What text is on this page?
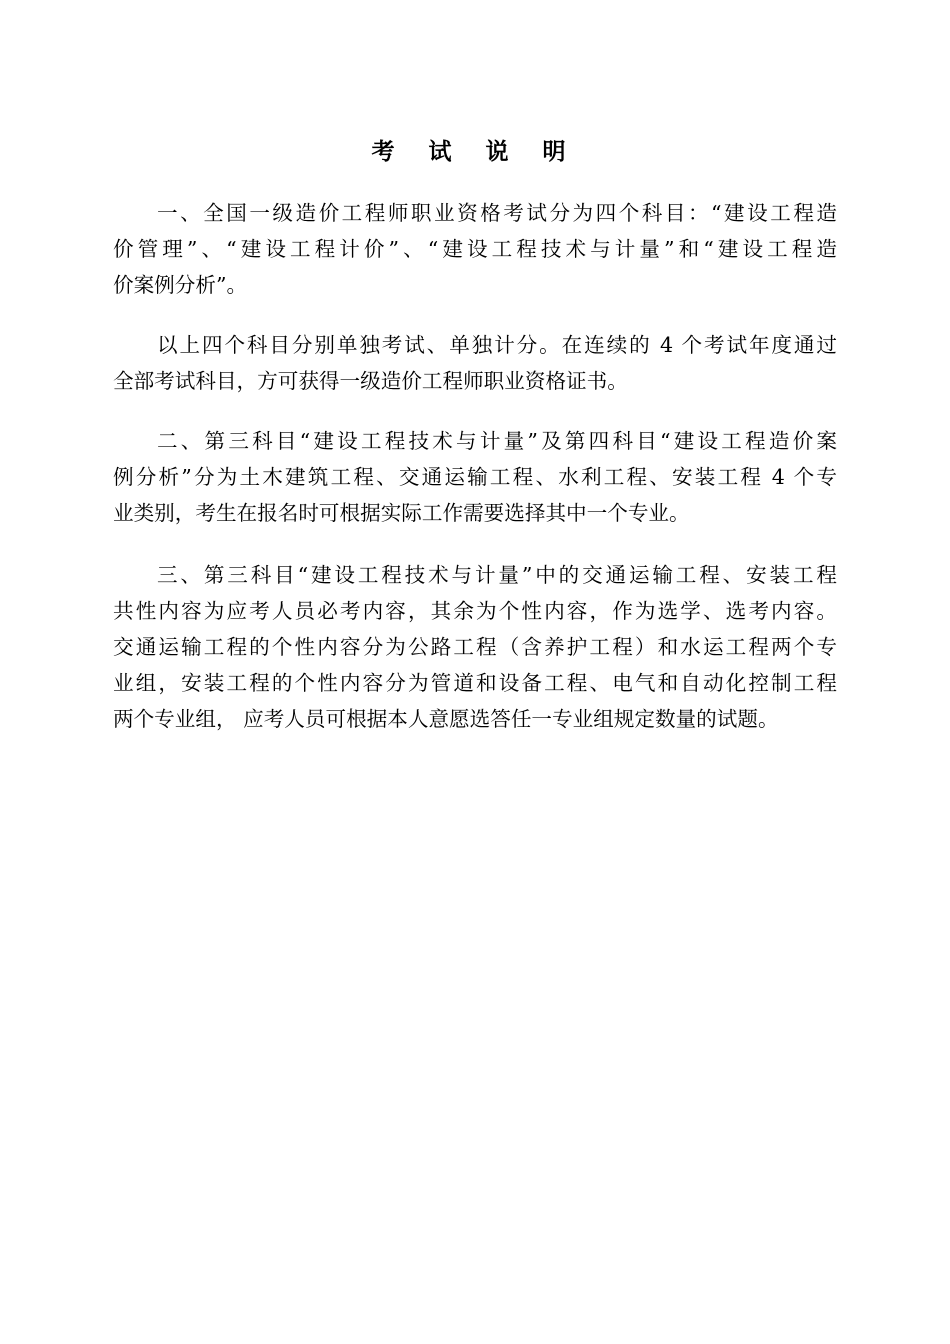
考 试 说 明
一、全国一级造价工程师职业资格考试分为四个科目：“建设工程造
价管理”、“建设工程计价”、“建设工程技术与计量”和“建设工程造
价案例分析”。
以上四个科目分别单独考试、单独计分。在连续的 4 个考试年度通过
全部考试科目，方可获得一级造价工程师职业资格证书。
二、第三科目“建设工程技术与计量”及第四科目“建设工程造价案
例分析”分为土木建筑工程、交通运输工程、水利工程、安装工程 4 个专
业类别，考生在报名时可根据实际工作需要选择其中一个专业。
三、第三科目“建设工程技术与计量”中的交通运输工程、安装工程
共性内容为应考人员必考内容，其余为个性内容，作为选学、选考内容。
交通运输工程的个性内容分为公路工程（含养护工程）和水运工程两个专
业组，安装工程的个性内容分为管道和设备工程、电气和自动化控制工程
两个专业组， 应考人员可根据本人意愿选答任一专业组规定数量的试题。
